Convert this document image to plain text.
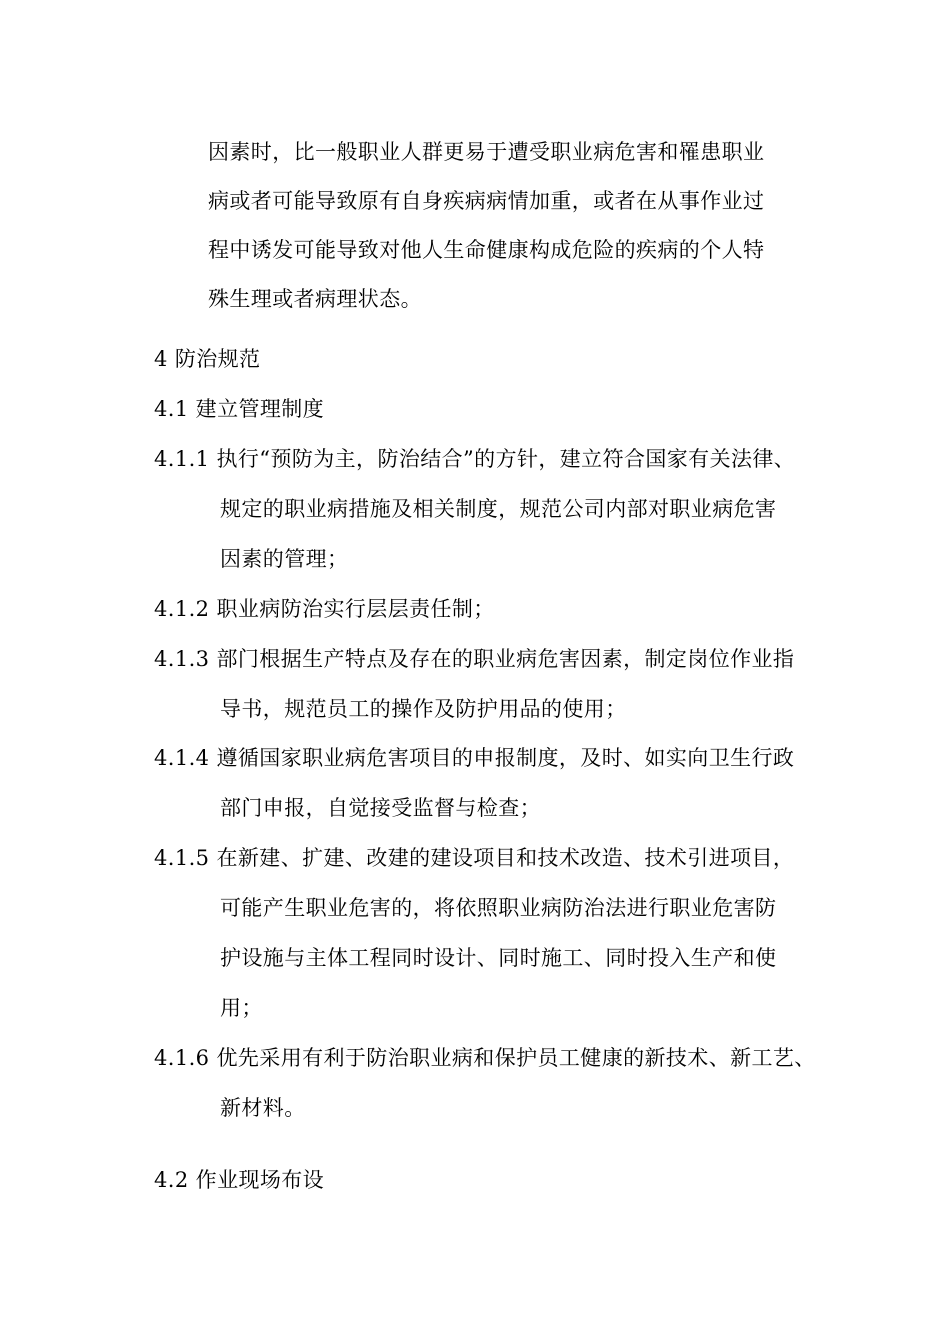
因素时，比一般职业人群更易于遭受职业病危害和罹患职业
病或者可能导致原有自身疾病病情加重，或者在从事作业过
程中诱发可能导致对他人生命健康构成危险的疾病的个人特
殊生理或者病理状态。
4 防治规范
4.1 建立管理制度
4.1.1 执行“预防为主，防治结合”的方针，建立符合国家有关法律、
规定的职业病措施及相关制度，规范公司内部对职业病危害
因素的管理；
4.1.2 职业病防治实行层层责任制；
4.1.3 部门根据生产特点及存在的职业病危害因素，制定岗位作业指
导书，规范员工的操作及防护用品的使用；
4.1.4 遵循国家职业病危害项目的申报制度，及时、如实向卫生行政
部门申报，自觉接受监督与检查；
4.1.5 在新建、扩建、改建的建设项目和技术改造、技术引进项目，
可能产生职业危害的，将依照职业病防治法进行职业危害防
护设施与主体工程同时设计、同时施工、同时投入生产和使
用；
4.1.6 优先采用有利于防治职业病和保护员工健康的新技术、新工艺、
新材料。
4.2 作业现场布设
